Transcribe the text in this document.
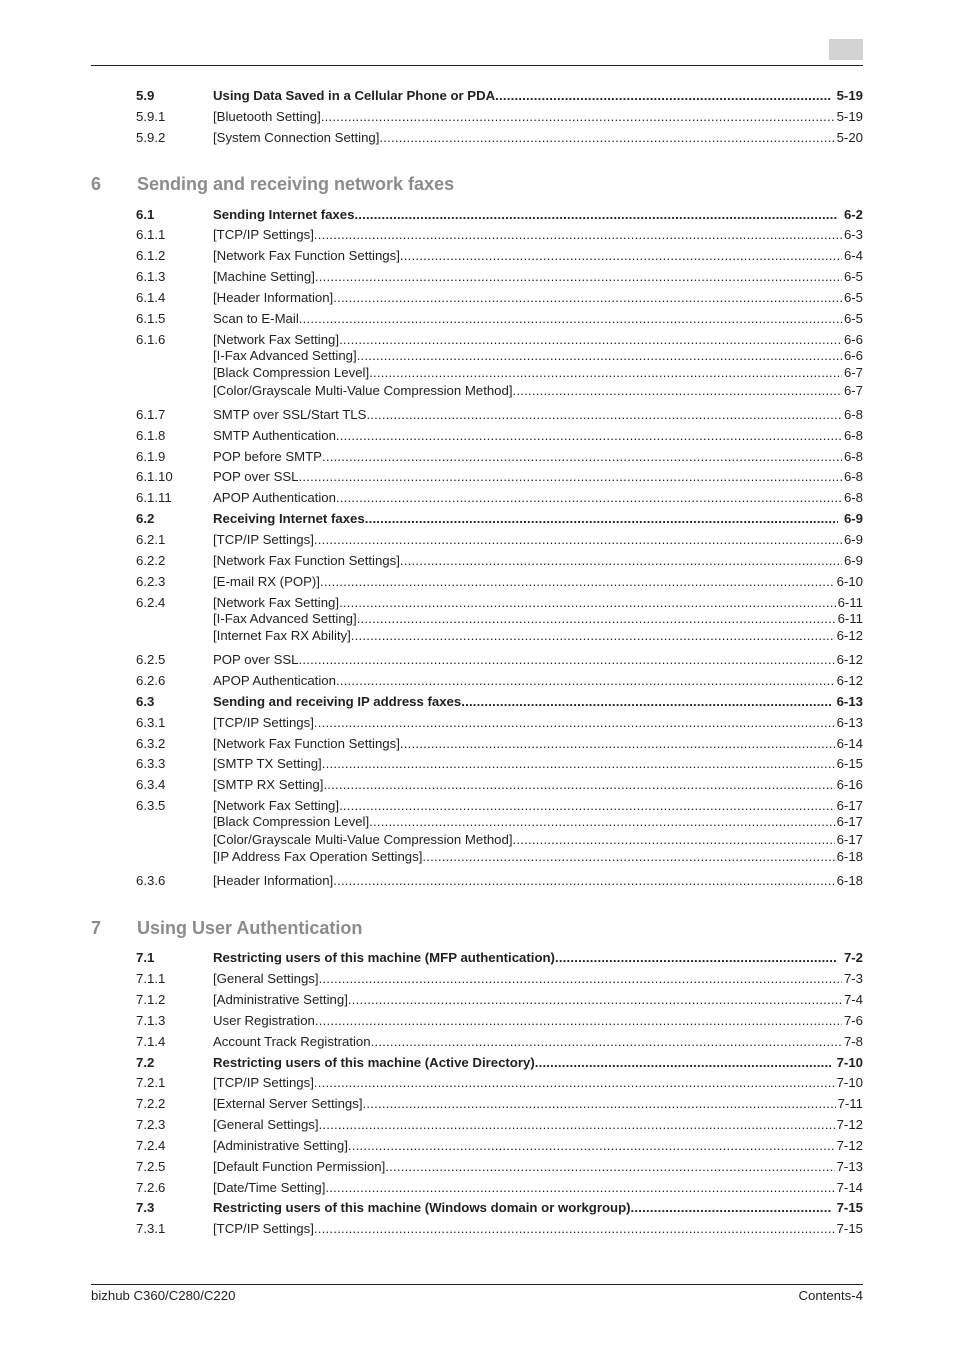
6 Sending and receiving network faxes
7 Using User Authentication
5.9	Using Data Saved in a Cellular Phone or PDA .....	5-19
5.9.1	[Bluetooth Setting] .....	5-19
5.9.2	[System Connection Setting] .....	5-20
6.1	Sending Internet faxes .....	6-2
6.1.1	[TCP/IP Settings] .....	6-3
6.1.2	[Network Fax Function Settings] .....	6-4
6.1.3	[Machine Setting] .....	6-5
6.1.4	[Header Information] .....	6-5
6.1.5	Scan to E-Mail .....	6-5
6.1.6	[Network Fax Setting] .....	6-6
[I-Fax Advanced Setting] .....	6-6
[Black Compression Level] .....	6-7
[Color/Grayscale Multi-Value Compression Method] .....	6-7
6.1.7	SMTP over SSL/Start TLS .....	6-8
6.1.8	SMTP Authentication .....	6-8
6.1.9	POP before SMTP .....	6-8
6.1.10	POP over SSL .....	6-8
6.1.11	APOP Authentication .....	6-8
6.2	Receiving Internet faxes .....	6-9
6.2.1	[TCP/IP Settings] .....	6-9
6.2.2	[Network Fax Function Settings] .....	6-9
6.2.3	[E-mail RX (POP)] .....	6-10
6.2.4	[Network Fax Setting] .....	6-11
[I-Fax Advanced Setting] .....	6-11
[Internet Fax RX Ability] .....	6-12
6.2.5	POP over SSL .....	6-12
6.2.6	APOP Authentication .....	6-12
6.3	Sending and receiving IP address faxes .....	6-13
6.3.1	[TCP/IP Settings] .....	6-13
6.3.2	[Network Fax Function Settings] .....	6-14
6.3.3	[SMTP TX Setting] .....	6-15
6.3.4	[SMTP RX Setting] .....	6-16
6.3.5	[Network Fax Setting] .....	6-17
[Black Compression Level] .....	6-17
[Color/Grayscale Multi-Value Compression Method] .....	6-17
[IP Address Fax Operation Settings] .....	6-18
6.3.6	[Header Information] .....	6-18
7.1	Restricting users of this machine (MFP authentication) .....	7-2
7.1.1	[General Settings] .....	7-3
7.1.2	[Administrative Setting] .....	7-4
7.1.3	User Registration .....	7-6
7.1.4	Account Track Registration .....	7-8
7.2	Restricting users of this machine (Active Directory) .....	7-10
7.2.1	[TCP/IP Settings] .....	7-10
7.2.2	[External Server Settings] .....	7-11
7.2.3	[General Settings] .....	7-12
7.2.4	[Administrative Setting] .....	7-12
7.2.5	[Default Function Permission] .....	7-13
7.2.6	[Date/Time Setting] .....	7-14
7.3	Restricting users of this machine (Windows domain or workgroup) .....	7-15
7.3.1	[TCP/IP Settings] .....	7-15
bizhub C360/C280/C220	Contents-4
